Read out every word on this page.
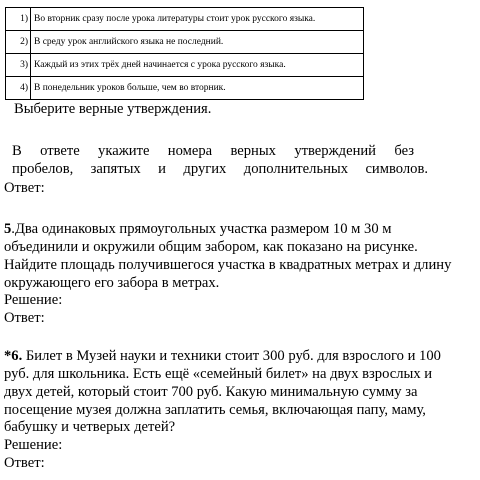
1)	Во вторник сразу после урока литературы стоит урок русского языка.
2)	В среду урок английского языка не последний.
3)	Каждый из этих трёх дней начинается с урока русского языка.
4)	В понедельник уроков больше, чем во вторник.
Выберите верные утверждения.
В ответе укажите номера верных утверждений без
пробелов, запятых и других дополнительных символов.
Ответ:
5.Два одинаковых прямоугольных участка размером 10 м 30 м
объединили и окружили общим забором, как показано на рисунке.
Найдите площадь получившегося участка в квадратных метрах и длину
окружающего его забора в метрах.
Решение:
Ответ:
*6. Билет в Музей науки и техники стоит 300 руб. для взрослого и 100
руб. для школьника. Есть ещё «семейный билет» на двух взрослых и
двух детей, который стоит 700 руб. Какую минимальную сумму за
посещение музея должна заплатить семья, включающая папу, маму,
бабушку и четверых детей?
Решение:
Ответ:
